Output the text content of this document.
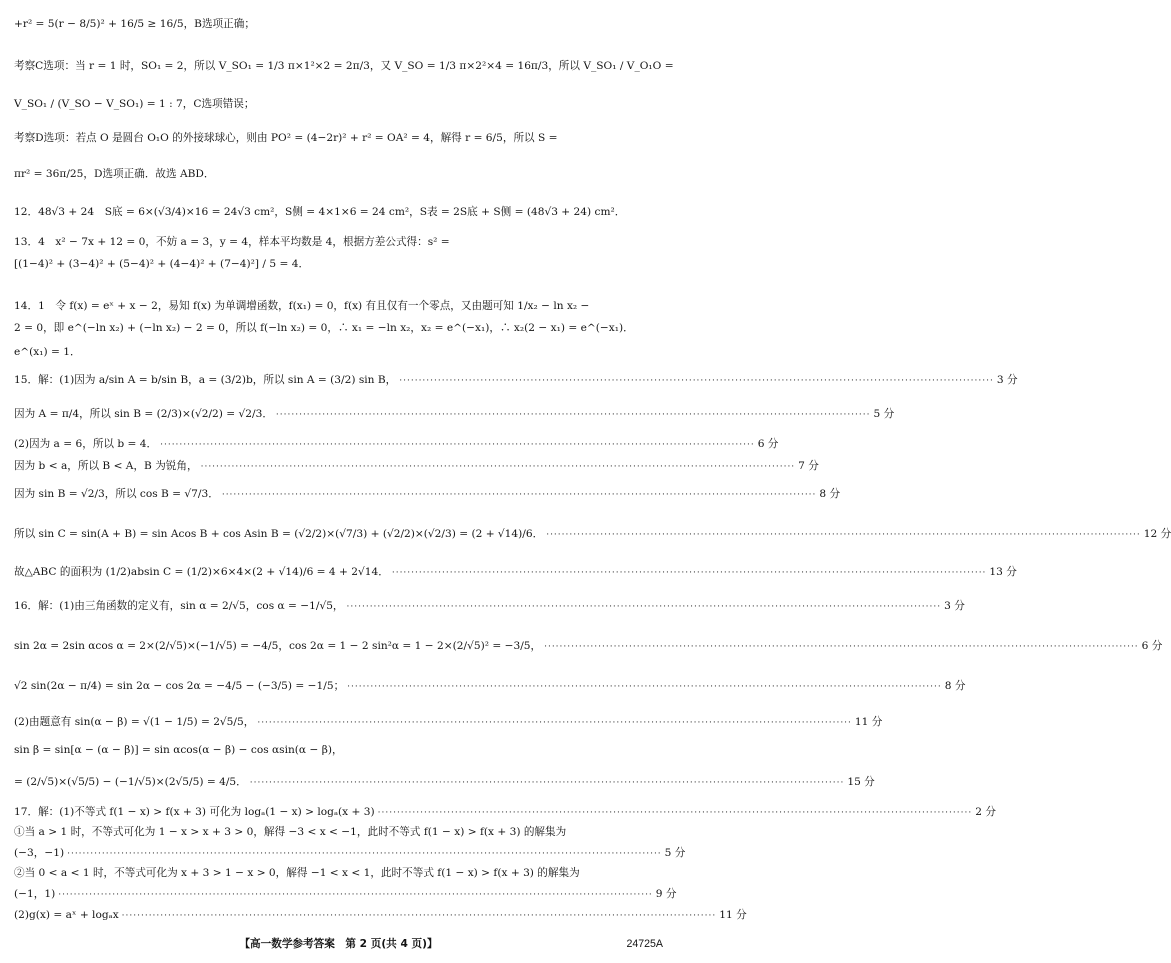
+r² = 5(r − 8/5)² + 16/5 ≥ 16/5，B选项正确；
考察C选项：当 r = 1 时，SO₁ = 2，所以 V_SO₁ = 1/3 π×1²×2 = 2π/3，又 V_SO = 1/3 π×2²×4 = 16π/3，所以 V_SO₁ / V_O₁O =
V_SO₁ / (V_SO − V_SO₁) = 1 : 7，C选项错误；
考察D选项：若点 O 是圆台 O₁O 的外接球球心，则由 PO² = (4−2r)² + r² = OA² = 4，解得 r = 6/5，所以 S =
πr² = 36π/25，D选项正确．故选 ABD．
12．48√3 + 24　S底 = 6×(√3/4)×16 = 24√3 cm²，S侧 = 4×1×6 = 24 cm²，S表 = 2S底 + S侧 = (48√3 + 24) cm²．
13．4　x² − 7x + 12 = 0，不妨 a = 3，y = 4，样本平均数是 4，根据方差公式得：s² =
[(1−4)² + (3−4)² + (5−4)² + (4−4)² + (7−4)²] / 5 = 4．
14．1　令 f(x) = eˣ + x − 2，易知 f(x) 为单调增函数，f(x₁) = 0，f(x) 有且仅有一个零点，又由题可知 1/x₂ − ln x₂ −
2 = 0，即 e^(−ln x₂) + (−ln x₂) − 2 = 0，所以 f(−ln x₂) = 0，∴ x₁ = −ln x₂，x₂ = e^(−x₁)，∴ x₂(2 − x₁) = e^(−x₁)．
e^(x₁) = 1．
15．解：(1)因为 a/sin A = b/sin B，a = (3/2)b，所以 sin A = (3/2) sin B， ·····	3 分
因为 A = π/4，所以 sin B = (2/3)×(√2/2) = √2/3． ·····	5 分
(2)因为 a = 6，所以 b = 4． ·····	6 分
因为 b < a，所以 B < A，B 为锐角， ·····	7 分
因为 sin B = √2/3，所以 cos B = √7/3． ·····	8 分
所以 sin C = sin(A + B) = sin Acos B + cos Asin B = (√2/2)×(√7/3) + (√2/2)×(√2/3) = (2 + √14)/6． ·····	12 分
故△ABC 的面积为 (1/2)absin C = (1/2)×6×4×(2 + √14)/6 = 4 + 2√14． ·····	13 分
16．解：(1)由三角函数的定义有，sin α = 2/√5，cos α = −1/√5， ·····	3 分
sin 2α = 2sin αcos α = 2×(2/√5)×(−1/√5) = −4/5，cos 2α = 1 − 2 sin²α = 1 − 2×(2/√5)² = −3/5， ·····	6 分
√2 sin(2α − π/4) = sin 2α − cos 2α = −4/5 − (−3/5) = −1/5； ·····	8 分
(2)由题意有 sin(α − β) = √(1 − 1/5) = 2√5/5， ·····	11 分
sin β = sin[α − (α − β)] = sin αcos(α − β) − cos αsin(α − β)，
= (2/√5)×(√5/5) − (−1/√5)×(2√5/5) = 4/5． ·····	15 分
17．解：(1)不等式 f(1 − x) > f(x + 3) 可化为 logₐ(1 − x) > logₐ(x + 3) ·····	2 分
①当 a > 1 时，不等式可化为 1 − x > x + 3 > 0，解得 −3 < x < −1，此时不等式 f(1 − x) > f(x + 3) 的解集为
(−3，−1) ·····	5 分
②当 0 < a < 1 时，不等式可化为 x + 3 > 1 − x > 0，解得 −1 < x < 1，此时不等式 f(1 − x) > f(x + 3) 的解集为
(−1，1) ·····	9 分
(2)g(x) = aˣ + logₐx ·····	11 分
【高一数学参考答案　第 2 页(共 4 页)】	24725A
